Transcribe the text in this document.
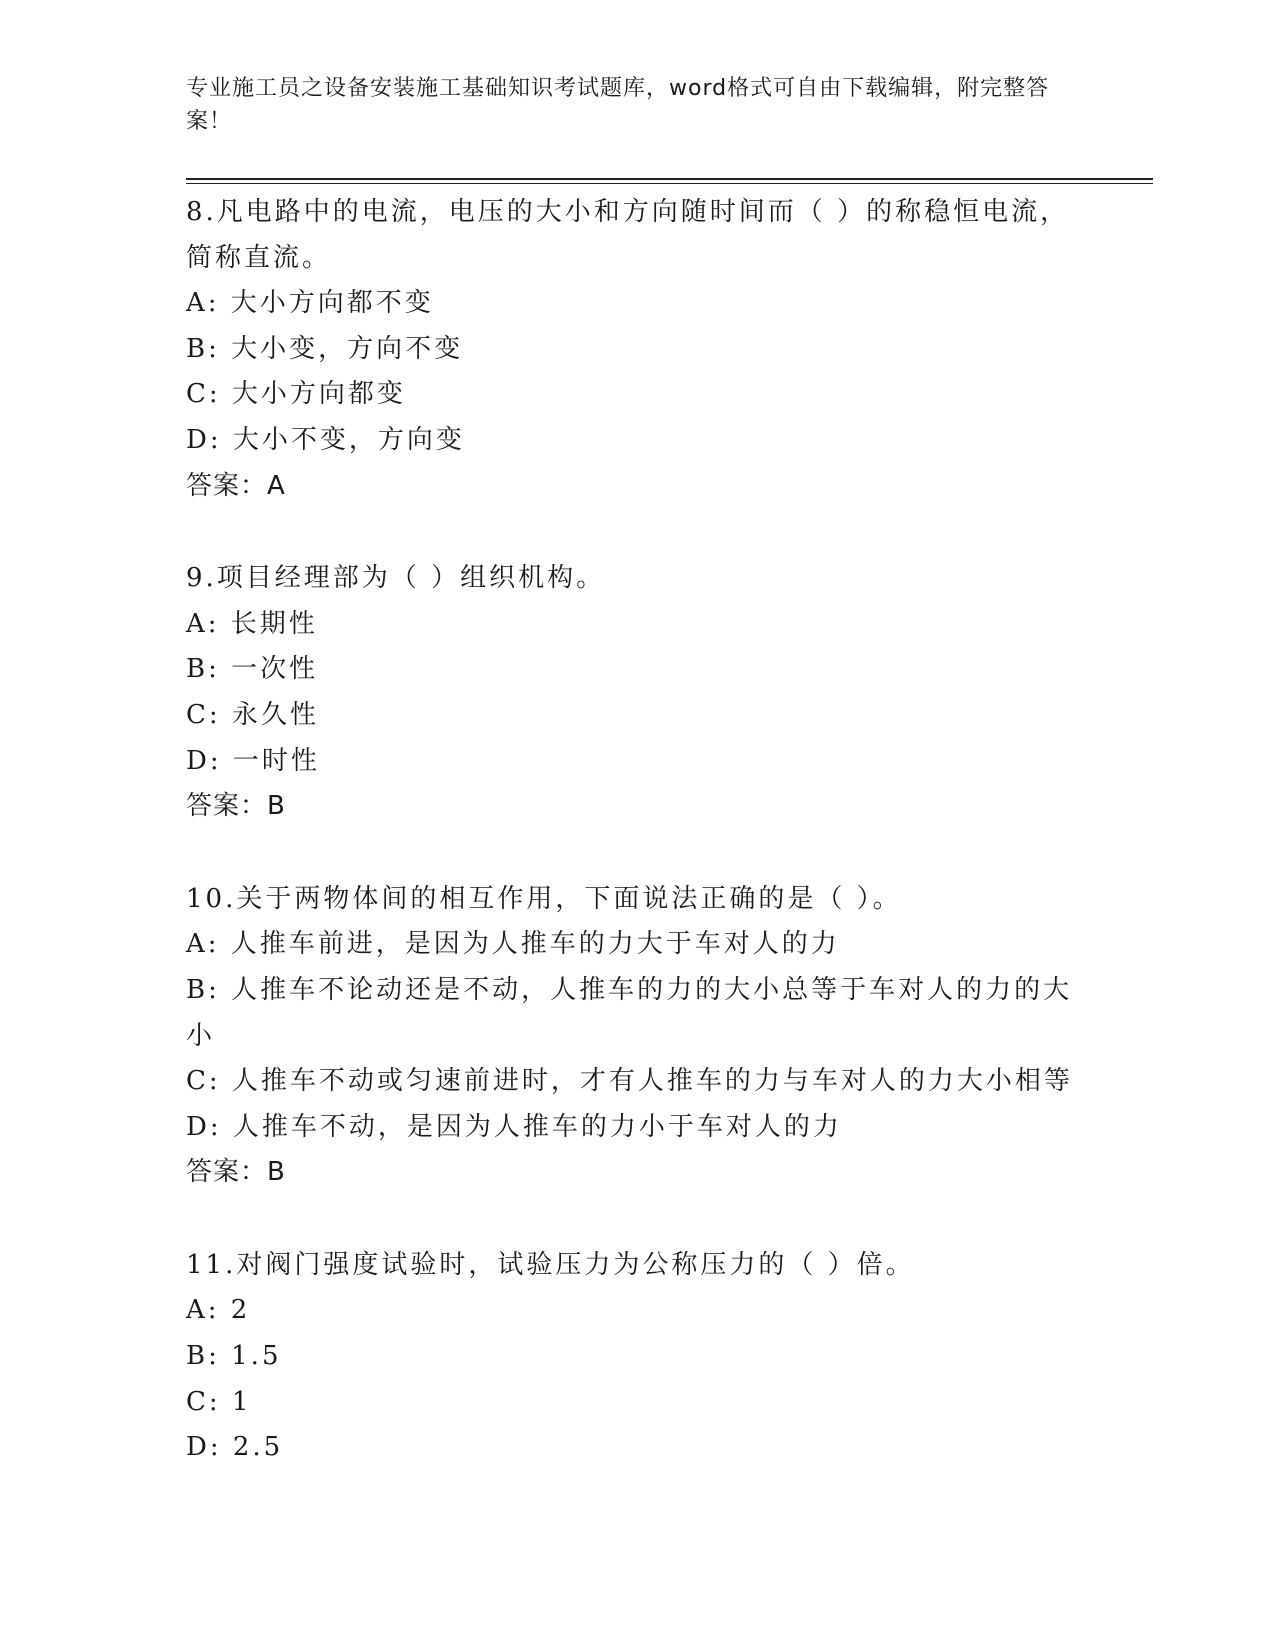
专业施工员之设备安装施工基础知识考试题库，word格式可自由下载编辑，附完整答案！
8.凡电路中的电流，电压的大小和方向随时间而（ ）的称稳恒电流，简称直流。
A: 大小方向都不变
B: 大小变，方向不变
C: 大小方向都变
D: 大小不变，方向变
答案：A
9.项目经理部为（ ）组织机构。
A: 长期性
B: 一次性
C: 永久性
D: 一时性
答案：B
10.关于两物体间的相互作用，下面说法正确的是（ ）。
A: 人推车前进，是因为人推车的力大于车对人的力
B: 人推车不论动还是不动，人推车的力的大小总等于车对人的力的大小
C: 人推车不动或匀速前进时，才有人推车的力与车对人的力大小相等
D: 人推车不动，是因为人推车的力小于车对人的力
答案：B
11.对阀门强度试验时，试验压力为公称压力的（ ）倍。
A: 2
B: 1.5
C: 1
D: 2.5
